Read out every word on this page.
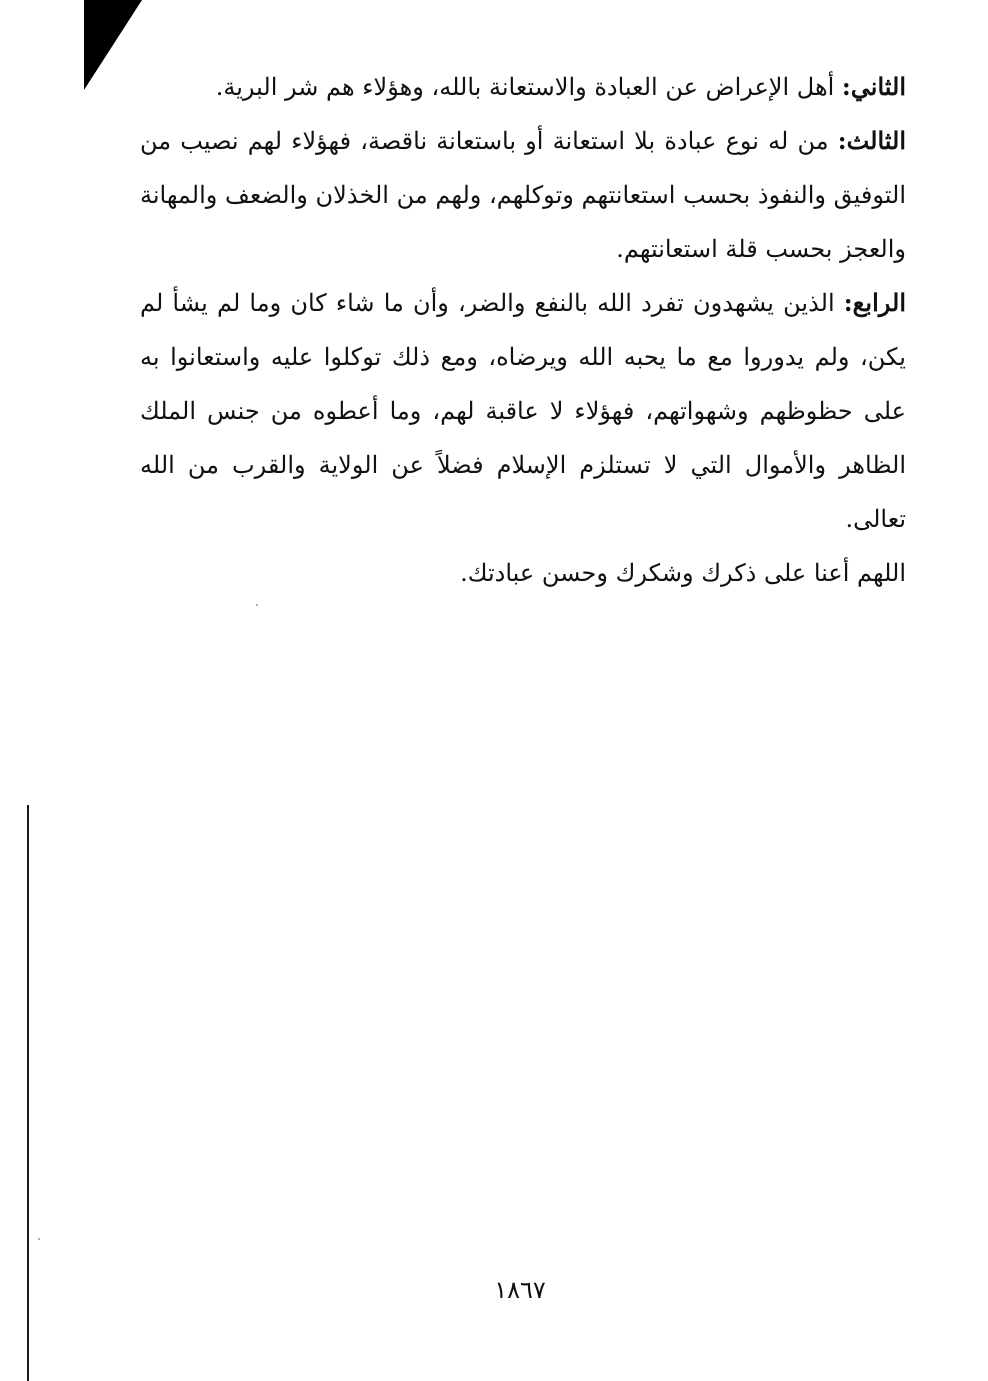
الثاني: أهل الإعراض عن العبادة والاستعانة بالله، وهؤلاء هم شر البرية.

الثالث: من له نوع عبادة بلا استعانة أو باستعانة ناقصة، فهؤلاء لهم نصيب من التوفيق والنفوذ بحسب استعانتهم وتوكلهم، ولهم من الخذلان والضعف والمهانة والعجز بحسب قلة استعانتهم.

الرابع: الذين يشهدون تفرد الله بالنفع والضر، وأن ما شاء كان وما لم يشأ لم يكن، ولم يدوروا مع ما يحبه الله ويرضاه، ومع ذلك توكلوا عليه واستعانوا به على حظوظهم وشهواتهم، فهؤلاء لا عاقبة لهم، وما أعطوه من جنس الملك الظاهر والأموال التي لا تستلزم الإسلام فضلاً عن الولاية والقرب من الله تعالى.

اللهم أعنا على ذكرك وشكرك وحسن عبادتك.

١٨٦٧
